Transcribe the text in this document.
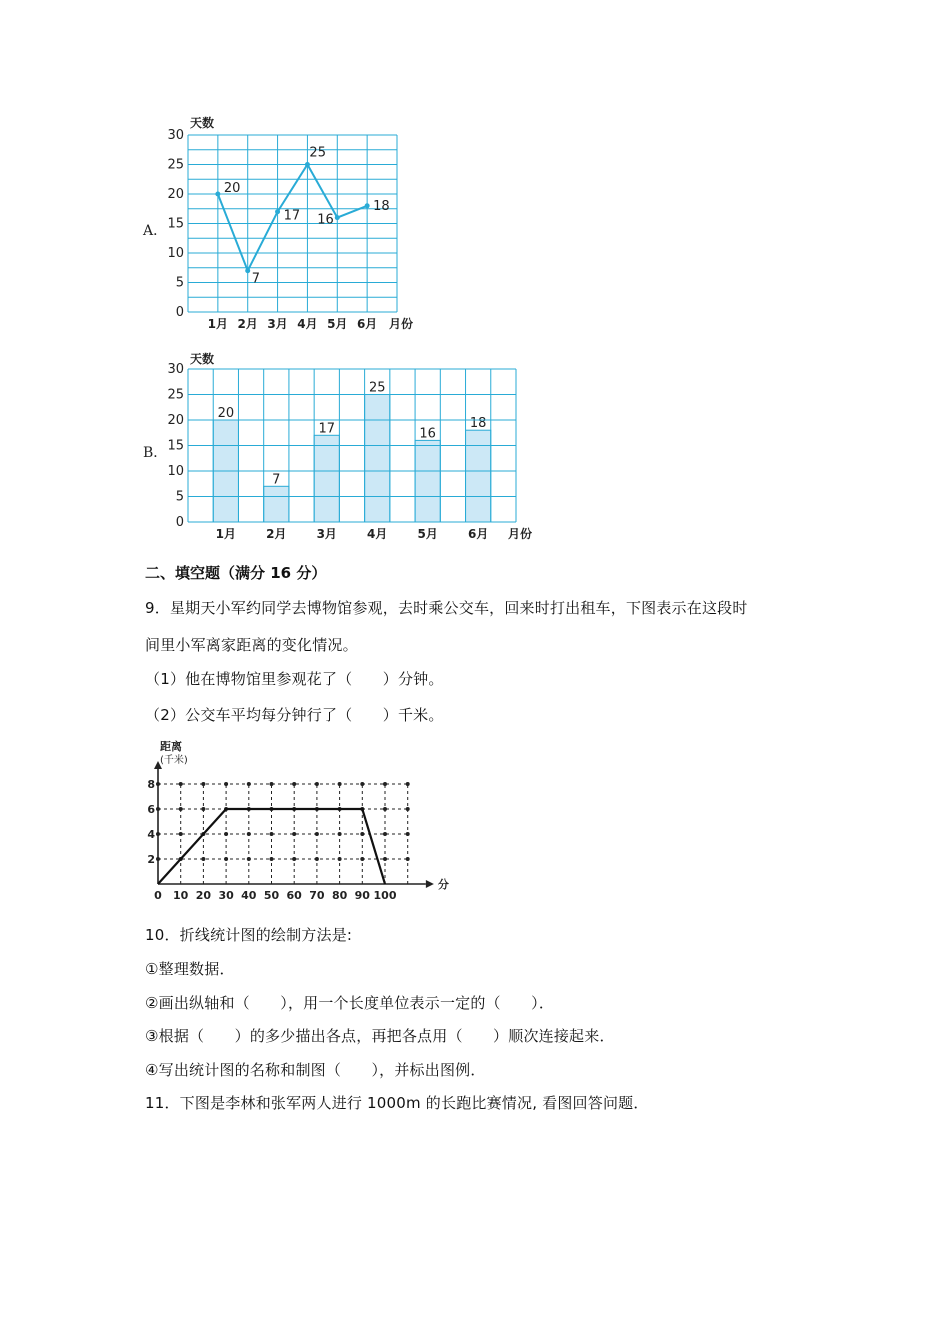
A．
0
5
10
15
20
25
30
天数
1月 2月 3月 4月 5月 6月 月份
20
7
17
25
16
18
B．
20
7
17
25
16
18
0
5
10
15
20
25
30
天数
1月	2月	3月	4月	5月	6月 月份
二、填空题（满分 16 分）
9．星期天小军约同学去博物馆参观，去时乘公交车，回来时打出租车，下图表示在这段时
间里小军离家距离的变化情况。
（1）他在博物馆里参观花了（　　）分钟。
（2）公交车平均每分钟行了（　　）千米。
0 10 20 30 40 50 60 70 80 90 100
2
4
6
8
分
距离
(千米)
10．折线统计图的绘制方法是:
①整理数据．
②画出纵轴和（　　），用一个长度单位表示一定的（　　）．
③根据（　　）的多少描出各点，再把各点用（　　）顺次连接起来．
④写出统计图的名称和制图（　　），并标出图例．
11．下图是李林和张军两人进行 1000m 的长跑比赛情况, 看图回答问题．
